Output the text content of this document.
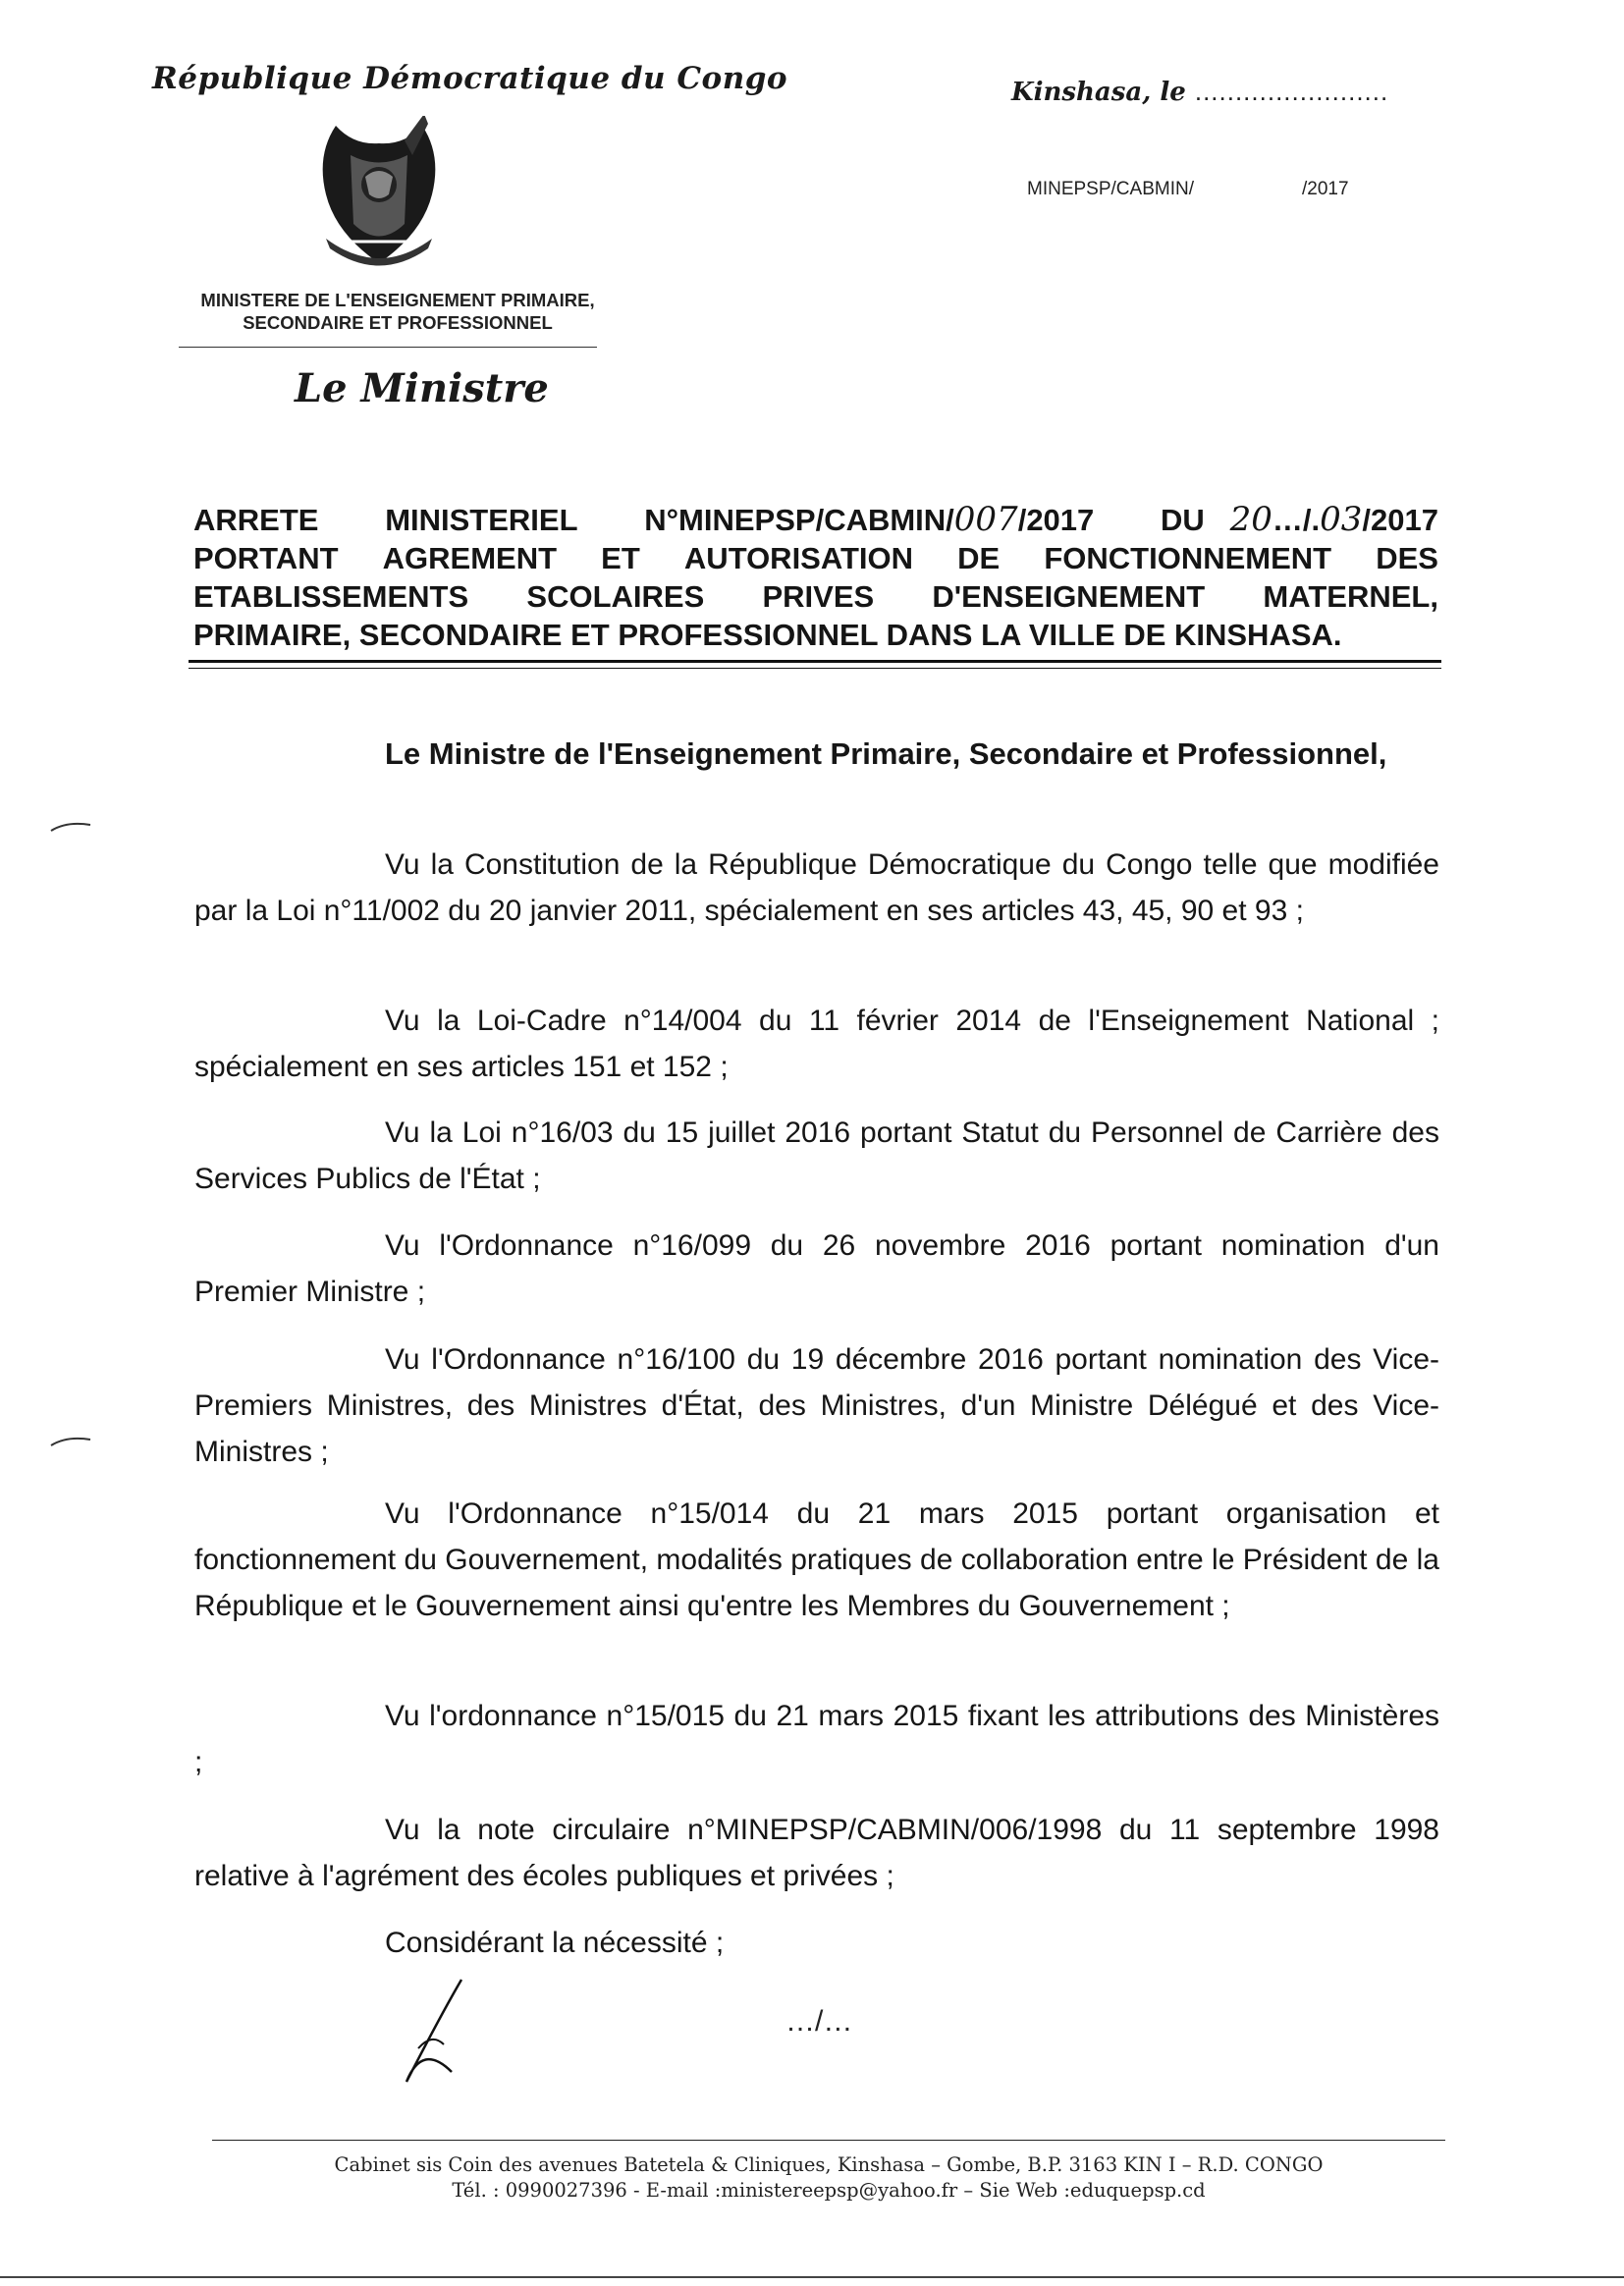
République Démocratique du Congo
MINISTERE DE L'ENSEIGNEMENT PRIMAIRE,
SECONDAIRE ET PROFESSIONNEL
Le Ministre
Kinshasa, le ........................
MINEPSP/CABMIN/	/2017
ARRETE MINISTERIEL N°MINEPSP/CABMIN/007/2017 DU 20…/.03/2017
PORTANT AGREMENT ET AUTORISATION DE FONCTIONNEMENT DES
ETABLISSEMENTS SCOLAIRES PRIVES D'ENSEIGNEMENT MATERNEL,
PRIMAIRE, SECONDAIRE ET PROFESSIONNEL DANS LA VILLE DE KINSHASA.
Le Ministre de l'Enseignement Primaire, Secondaire et Professionnel,
Vu la Constitution de la République Démocratique du Congo telle que modifiée par la Loi n°11/002 du 20 janvier 2011, spécialement en ses articles 43, 45, 90 et 93 ;
Vu la Loi-Cadre n°14/004 du 11 février 2014 de l'Enseignement National ; spécialement en ses articles 151 et 152 ;
Vu la Loi n°16/03 du 15 juillet 2016 portant Statut du Personnel de Carrière des Services Publics de l'État ;
Vu l'Ordonnance n°16/099 du 26 novembre 2016 portant nomination d'un Premier Ministre ;
Vu l'Ordonnance n°16/100 du 19 décembre 2016 portant nomination des Vice-Premiers Ministres, des Ministres d'État, des Ministres, d'un Ministre Délégué et des Vice-Ministres ;
Vu l'Ordonnance n°15/014 du 21 mars 2015 portant organisation et fonctionnement du Gouvernement, modalités pratiques de collaboration entre le Président de la République et le Gouvernement ainsi qu'entre les Membres du Gouvernement ;
Vu l'ordonnance n°15/015 du 21 mars 2015 fixant les attributions des Ministères ;
Vu la note circulaire n°MINEPSP/CABMIN/006/1998 du 11 septembre 1998 relative à l'agrément des écoles publiques et privées ;
Considérant la nécessité ;
…/…
Cabinet sis Coin des avenues Batetela & Cliniques, Kinshasa – Gombe, B.P. 3163 KIN I – R.D. CONGO
Tél. : 0990027396 - E-mail :ministereepsp@yahoo.fr – Sie Web :eduquepsp.cd
